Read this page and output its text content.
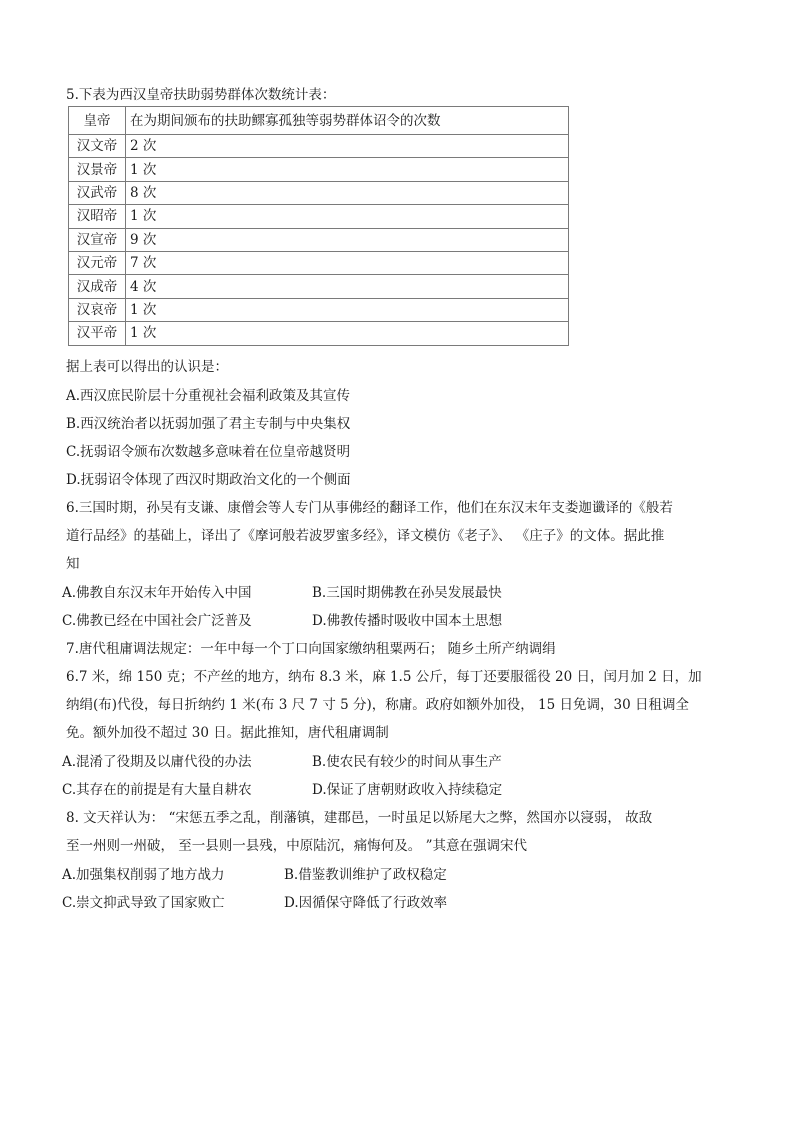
5.下表为西汉皇帝扶助弱势群体次数统计表：
皇帝	在为期间颁布的扶助鳏寡孤独等弱势群体诏令的次数
汉文帝	2 次
汉景帝	1 次
汉武帝	8 次
汉昭帝	1 次
汉宣帝	9 次
汉元帝	7 次
汉成帝	4 次
汉哀帝	1 次
汉平帝	1 次
据上表可以得出的认识是：
A.西汉庶民阶层十分重视社会福利政策及其宣传
B.西汉统治者以抚弱加强了君主专制与中央集权
C.抚弱诏令颁布次数越多意味着在位皇帝越贤明
D.抚弱诏令体现了西汉时期政治文化的一个侧面
6.三国时期，孙吴有支谦、康僧会等人专门从事佛经的翻译工作，他们在东汉末年支娄迦谶译的《般若
道行品经》的基础上，译出了《摩诃般若波罗蜜多经》，译文模仿《老子》、 《庄子》的文体。据此推
知
A.佛教自东汉末年开始传入中国	B.三国时期佛教在孙吴发展最快
C.佛教已经在中国社会广泛普及	D.佛教传播时吸收中国本土思想
7.唐代租庸调法规定：一年中每一个丁口向国家缴纳租粟两石； 随乡土所产纳调绢
6.7 米，绵 150 克；不产丝的地方，纳布 8.3 米，麻 1.5 公斤，每丁还要服徭役 20 日，闰月加 2 日，加
纳绢(布)代役，每日折纳约 1 米(布 3 尺 7 寸 5 分)，称庸。政府如额外加役， 15 日免调，30 日租调全
免。额外加役不超过 30 日。据此推知，唐代租庸调制
A.混淆了役期及以庸代役的办法	B.使农民有较少的时间从事生产
C.其存在的前提是有大量自耕农	D.保证了唐朝财政收入持续稳定
8. 文天祥认为： “宋惩五季之乱，削藩镇，建郡邑，一时虽足以矫尾大之弊，然国亦以寖弱， 故敌
至一州则一州破， 至一县则一县残，中原陆沉，痛悔何及。 ”其意在强调宋代
A.加强集权削弱了地方战力	B.借鉴教训维护了政权稳定
C.崇文抑武导致了国家败亡	D.因循保守降低了行政效率
